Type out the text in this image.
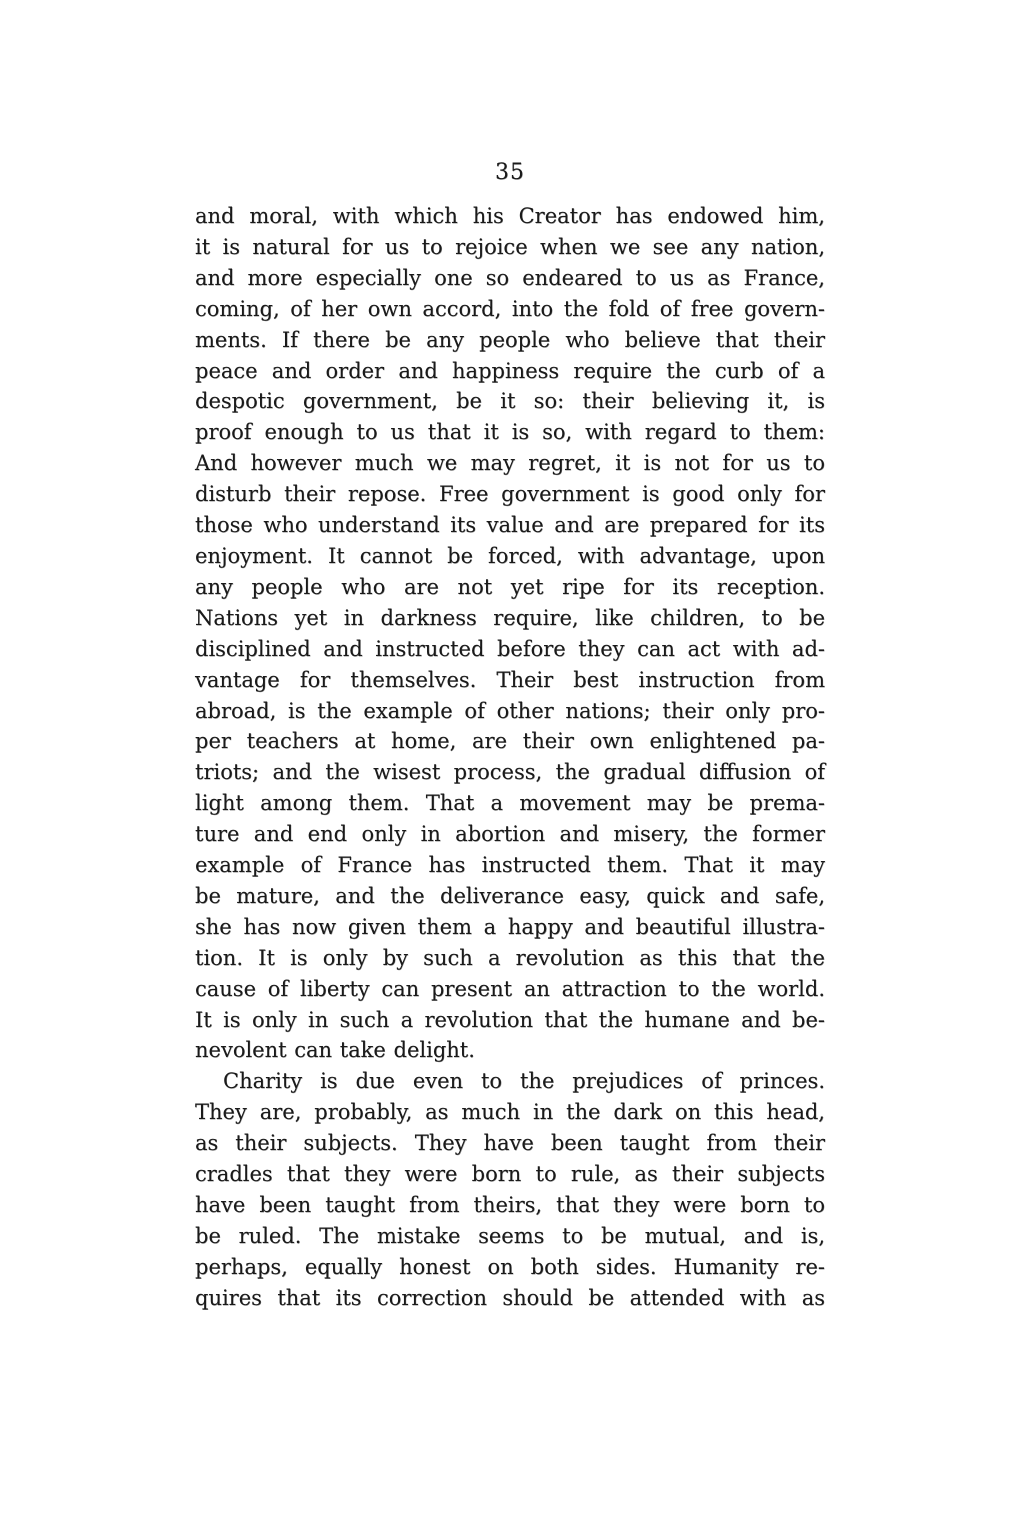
35
and moral, with which his Creator has endowed him,
it is natural for us to rejoice when we see any nation,
and more especially one so endeared to us as France,
coming, of her own accord, into the fold of free govern-
ments. If there be any people who believe that their
peace and order and happiness require the curb of a
despotic government, be it so: their believing it, is
proof enough to us that it is so, with regard to them:
And however much we may regret, it is not for us to
disturb their repose. Free government is good only for
those who understand its value and are prepared for its
enjoyment. It cannot be forced, with advantage, upon
any people who are not yet ripe for its reception.
Nations yet in darkness require, like children, to be
disciplined and instructed before they can act with ad-
vantage for themselves. Their best instruction from
abroad, is the example of other nations; their only pro-
per teachers at home, are their own enlightened pa-
triots; and the wisest process, the gradual diffusion of
light among them. That a movement may be prema-
ture and end only in abortion and misery, the former
example of France has instructed them. That it may
be mature, and the deliverance easy, quick and safe,
she has now given them a happy and beautiful illustra-
tion. It is only by such a revolution as this that the
cause of liberty can present an attraction to the world.
It is only in such a revolution that the humane and be-
nevolent can take delight.
Charity is due even to the prejudices of princes.
They are, probably, as much in the dark on this head,
as their subjects. They have been taught from their
cradles that they were born to rule, as their subjects
have been taught from theirs, that they were born to
be ruled. The mistake seems to be mutual, and is,
perhaps, equally honest on both sides. Humanity re-
quires that its correction should be attended with as
